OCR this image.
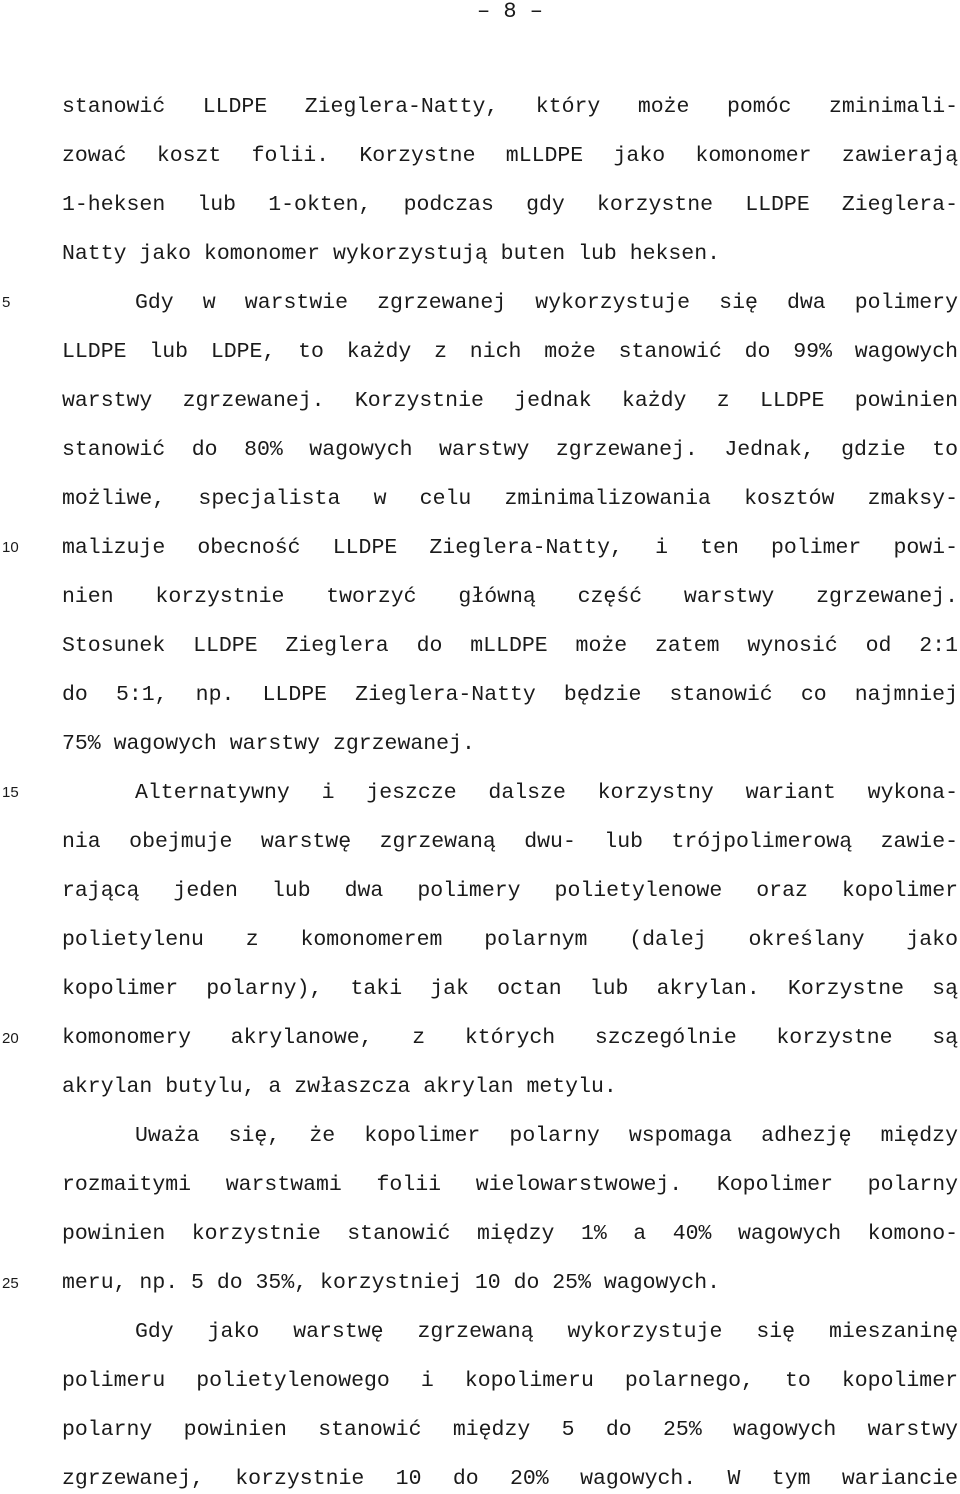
– 8 –
5
10
15
20
25
stanowić LLDPE Zieglera-Natty, który może pomóc zminimali-
zować koszt folii. Korzystne mLLDPE jako komonomer zawierają
1-heksen lub 1-okten, podczas gdy korzystne LLDPE Zieglera-
Natty jako komonomer wykorzystują buten lub heksen.
Gdy w warstwie zgrzewanej wykorzystuje się dwa polimery
LLDPE lub LDPE, to każdy z nich może stanowić do 99% wagowych
warstwy zgrzewanej. Korzystnie jednak każdy z LLDPE powinien
stanowić do 80% wagowych warstwy zgrzewanej. Jednak, gdzie to
możliwe, specjalista w celu zminimalizowania kosztów zmaksy-
malizuje obecność LLDPE Zieglera-Natty, i ten polimer powi-
nien korzystnie tworzyć główną część warstwy zgrzewanej.
Stosunek LLDPE Zieglera do mLLDPE może zatem wynosić od 2:1
do 5:1, np. LLDPE Zieglera-Natty będzie stanowić co najmniej
75% wagowych warstwy zgrzewanej.
Alternatywny i jeszcze dalsze korzystny wariant wykona-
nia obejmuje warstwę zgrzewaną dwu- lub trójpolimerową zawie-
rającą jeden lub dwa polimery polietylenowe oraz kopolimer
polietylenu z komonomerem polarnym (dalej określany jako
kopolimer polarny), taki jak octan lub akrylan. Korzystne są
komonomery akrylanowe, z których szczególnie korzystne są
akrylan butylu, a zwłaszcza akrylan metylu.
Uważa się, że kopolimer polarny wspomaga adhezję między
rozmaitymi warstwami folii wielowarstwowej. Kopolimer polarny
powinien korzystnie stanowić między 1% a 40% wagowych komono-
meru, np. 5 do 35%, korzystniej 10 do 25% wagowych.
Gdy jako warstwę zgrzewaną wykorzystuje się mieszaninę
polimeru polietylenowego i kopolimeru polarnego, to kopolimer
polarny powinien stanowić między 5 do 25% wagowych warstwy
zgrzewanej, korzystnie 10 do 20% wagowych. W tym wariancie
